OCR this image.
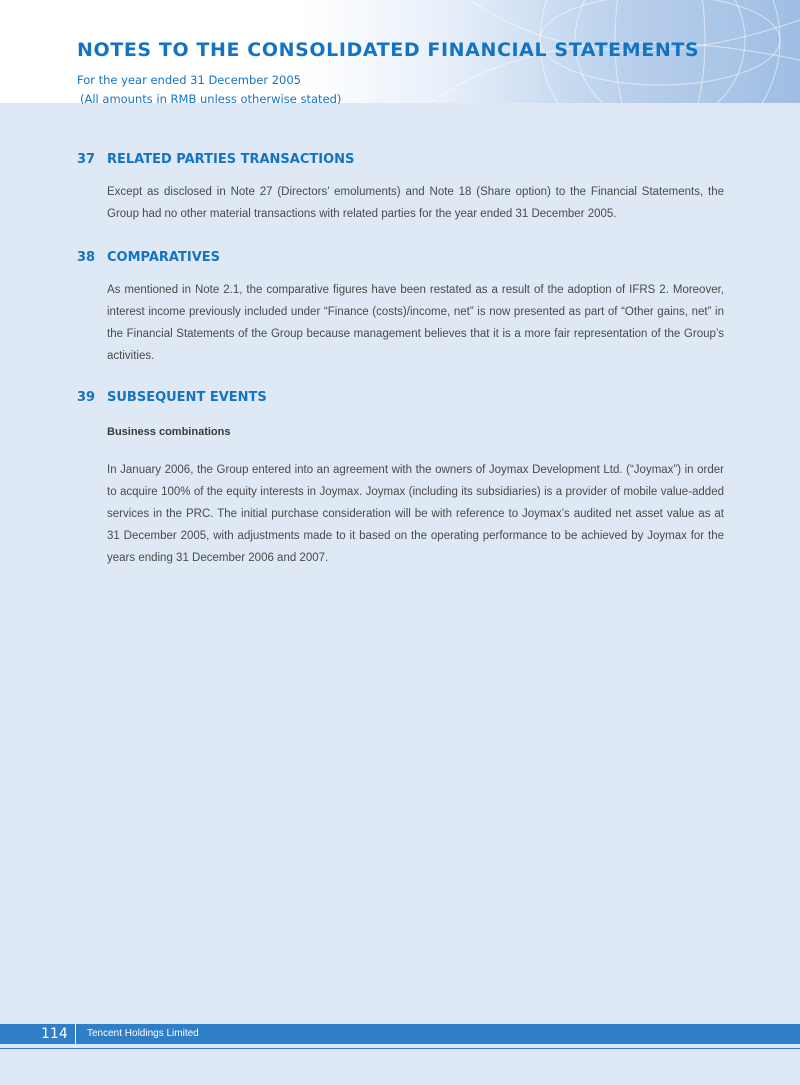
NOTES TO THE CONSOLIDATED FINANCIAL STATEMENTS

For the year ended 31 December 2005

(All amounts in RMB unless otherwise stated)

37 RELATED PARTIES TRANSACTIONS

Except as disclosed in Note 27 (Directors’ emoluments) and Note 18 (Share option) to the Financial Statements, the Group had no other material transactions with related parties for the year ended 31 December 2005.

38 COMPARATIVES

As mentioned in Note 2.1, the comparative figures have been restated as a result of the adoption of IFRS 2. Moreover, interest income previously included under “Finance (costs)/income, net” is now presented as part of “Other gains, net” in the Financial Statements of the Group because management believes that it is a more fair representation of the Group’s activities.

39 SUBSEQUENT EVENTS

Business combinations

In January 2006, the Group entered into an agreement with the owners of Joymax Development Ltd. (“Joymax”) in order to acquire 100% of the equity interests in Joymax. Joymax (including its subsidiaries) is a provider of mobile value-added services in the PRC. The initial purchase consideration will be with reference to Joymax’s audited net asset value as at 31 December 2005, with adjustments made to it based on the operating performance to be achieved by Joymax for the years ending 31 December 2006 and 2007.

114 Tencent Holdings Limited
